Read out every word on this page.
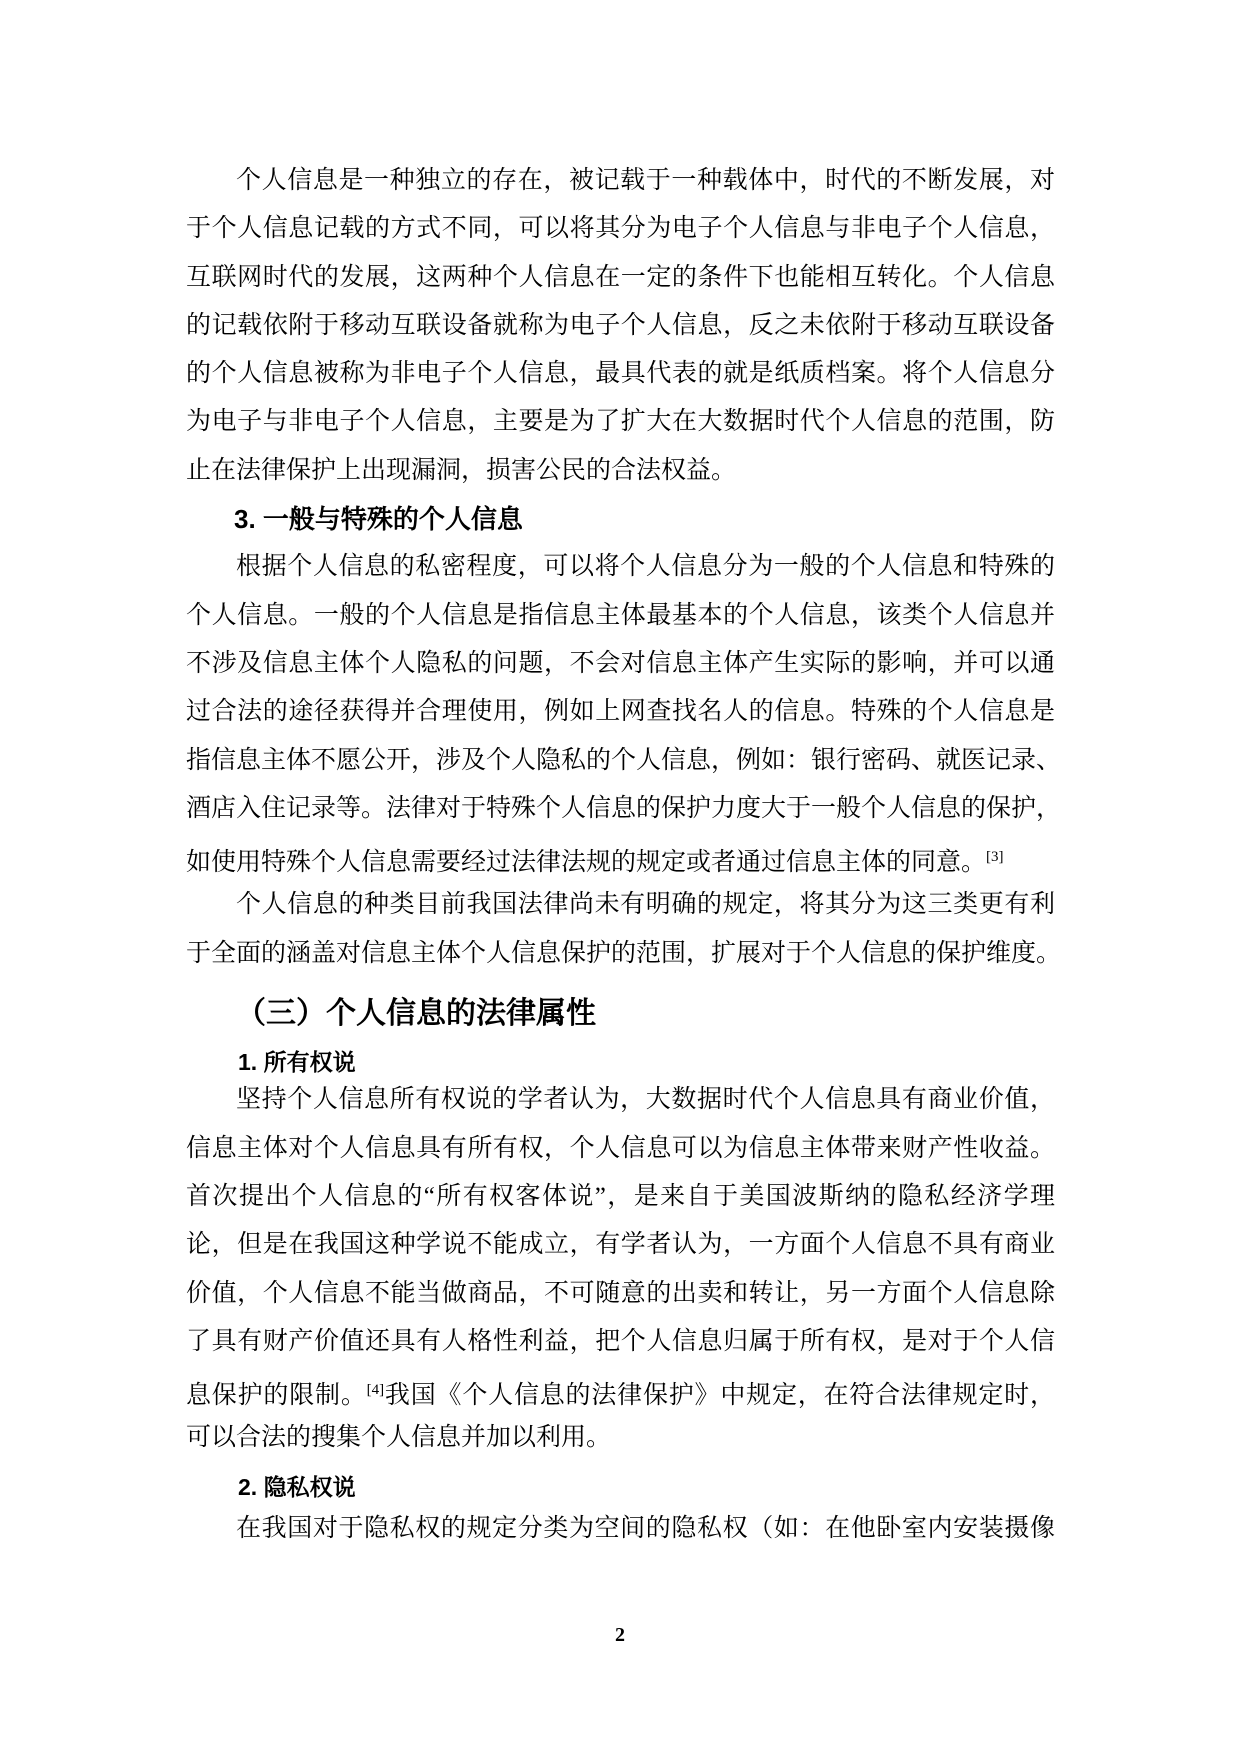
个人信息是一种独立的存在，被记载于一种载体中，时代的不断发展，对
于个人信息记载的方式不同，可以将其分为电子个人信息与非电子个人信息，
互联网时代的发展，这两种个人信息在一定的条件下也能相互转化。个人信息
的记载依附于移动互联设备就称为电子个人信息，反之未依附于移动互联设备
的个人信息被称为非电子个人信息，最具代表的就是纸质档案。将个人信息分
为电子与非电子个人信息，主要是为了扩大在大数据时代个人信息的范围，防
止在法律保护上出现漏洞，损害公民的合法权益。
3. 一般与特殊的个人信息
根据个人信息的私密程度，可以将个人信息分为一般的个人信息和特殊的
个人信息。一般的个人信息是指信息主体最基本的个人信息，该类个人信息并
不涉及信息主体个人隐私的问题，不会对信息主体产生实际的影响，并可以通
过合法的途径获得并合理使用，例如上网查找名人的信息。特殊的个人信息是
指信息主体不愿公开，涉及个人隐私的个人信息，例如：银行密码、就医记录、
酒店入住记录等。法律对于特殊个人信息的保护力度大于一般个人信息的保护，
如使用特殊个人信息需要经过法律法规的规定或者通过信息主体的同意。[3]
个人信息的种类目前我国法律尚未有明确的规定，将其分为这三类更有利
于全面的涵盖对信息主体个人信息保护的范围，扩展对于个人信息的保护维度。
（三）个人信息的法律属性
1. 所有权说
坚持个人信息所有权说的学者认为，大数据时代个人信息具有商业价值，
信息主体对个人信息具有所有权，个人信息可以为信息主体带来财产性收益。
首次提出个人信息的“所有权客体说”，是来自于美国波斯纳的隐私经济学理
论，但是在我国这种学说不能成立，有学者认为，一方面个人信息不具有商业
价值，个人信息不能当做商品，不可随意的出卖和转让，另一方面个人信息除
了具有财产价值还具有人格性利益，把个人信息归属于所有权，是对于个人信
息保护的限制。[4]我国《个人信息的法律保护》中规定，在符合法律规定时，
可以合法的搜集个人信息并加以利用。
2. 隐私权说
在我国对于隐私权的规定分类为空间的隐私权（如：在他卧室内安装摄像
2
